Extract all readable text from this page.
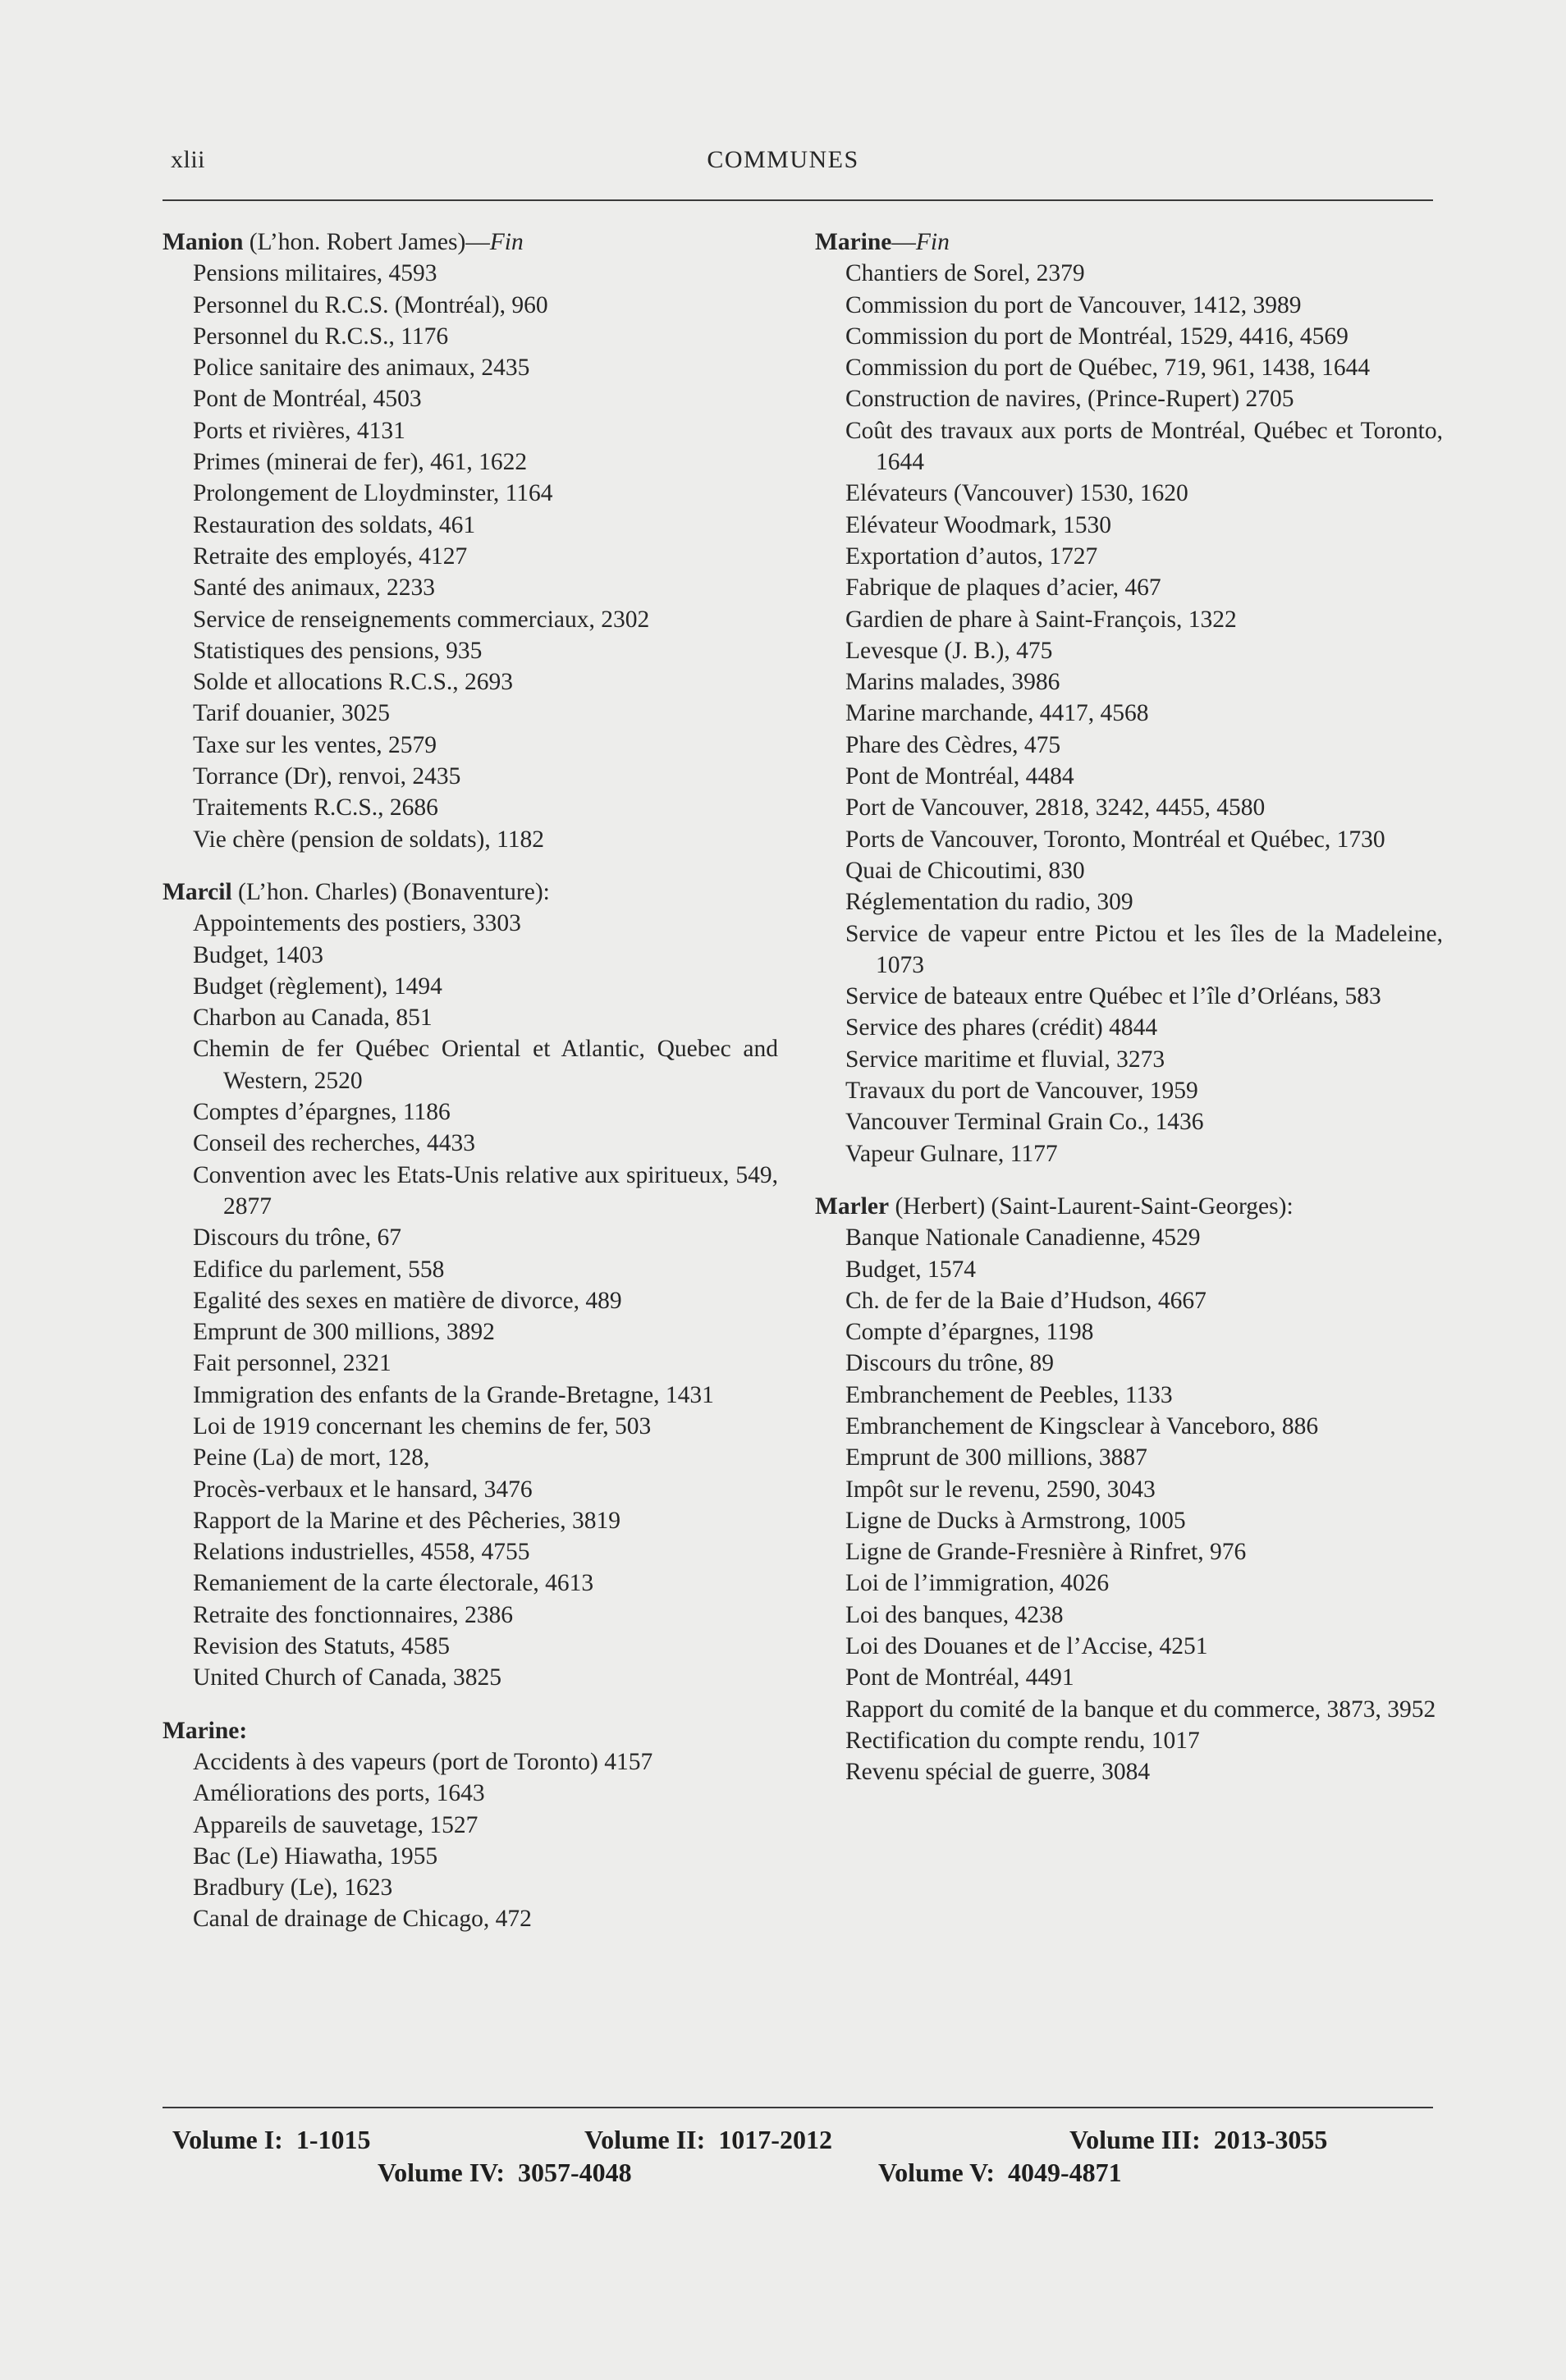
xlii	COMMUNES
Manion (L’hon. Robert James)—Fin
Pensions militaires, 4593
Personnel du R.C.S. (Montréal), 960
Personnel du R.C.S., 1176
Police sanitaire des animaux, 2435
Pont de Montréal, 4503
Ports et rivières, 4131
Primes (minerai de fer), 461, 1622
Prolongement de Lloydminster, 1164
Restauration des soldats, 461
Retraite des employés, 4127
Santé des animaux, 2233
Service de renseignements commerciaux, 2302
Statistiques des pensions, 935
Solde et allocations R.C.S., 2693
Tarif douanier, 3025
Taxe sur les ventes, 2579
Torrance (Dr), renvoi, 2435
Traitements R.C.S., 2686
Vie chère (pension de soldats), 1182
Marcil (L’hon. Charles) (Bonaventure):
Appointements des postiers, 3303
Budget, 1403
Budget (règlement), 1494
Charbon au Canada, 851
Chemin de fer Québec Oriental et Atlantic, Quebec and Western, 2520
Comptes d’épargnes, 1186
Conseil des recherches, 4433
Convention avec les Etats-Unis relative aux spiritueux, 549, 2877
Discours du trône, 67
Edifice du parlement, 558
Egalité des sexes en matière de divorce, 489
Emprunt de 300 millions, 3892
Fait personnel, 2321
Immigration des enfants de la Grande-Bretagne, 1431
Loi de 1919 concernant les chemins de fer, 503
Peine (La) de mort, 128,
Procès-verbaux et le hansard, 3476
Rapport de la Marine et des Pêcheries, 3819
Relations industrielles, 4558, 4755
Remaniement de la carte électorale, 4613
Retraite des fonctionnaires, 2386
Revision des Statuts, 4585
United Church of Canada, 3825
Marine:
Accidents à des vapeurs (port de Toronto) 4157
Améliorations des ports, 1643
Appareils de sauvetage, 1527
Bac (Le) Hiawatha, 1955
Bradbury (Le), 1623
Canal de drainage de Chicago, 472
Marine—Fin
Chantiers de Sorel, 2379
Commission du port de Vancouver, 1412, 3989
Commission du port de Montréal, 1529, 4416, 4569
Commission du port de Québec, 719, 961, 1438, 1644
Construction de navires, (Prince-Rupert) 2705
Coût des travaux aux ports de Montréal, Québec et Toronto, 1644
Elévateurs (Vancouver) 1530, 1620
Elévateur Woodmark, 1530
Exportation d’autos, 1727
Fabrique de plaques d’acier, 467
Gardien de phare à Saint-François, 1322
Levesque (J. B.), 475
Marins malades, 3986
Marine marchande, 4417, 4568
Phare des Cèdres, 475
Pont de Montréal, 4484
Port de Vancouver, 2818, 3242, 4455, 4580
Ports de Vancouver, Toronto, Montréal et Québec, 1730
Quai de Chicoutimi, 830
Réglementation du radio, 309
Service de vapeur entre Pictou et les îles de la Madeleine, 1073
Service de bateaux entre Québec et l’île d’Orléans, 583
Service des phares (crédit) 4844
Service maritime et fluvial, 3273
Travaux du port de Vancouver, 1959
Vancouver Terminal Grain Co., 1436
Vapeur Gulnare, 1177
Marler (Herbert) (Saint-Laurent-Saint-Georges):
Banque Nationale Canadienne, 4529
Budget, 1574
Ch. de fer de la Baie d’Hudson, 4667
Compte d’épargnes, 1198
Discours du trône, 89
Embranchement de Peebles, 1133
Embranchement de Kingsclear à Vanceboro, 886
Emprunt de 300 millions, 3887
Impôt sur le revenu, 2590, 3043
Ligne de Ducks à Armstrong, 1005
Ligne de Grande-Fresnière à Rinfret, 976
Loi de l’immigration, 4026
Loi des banques, 4238
Loi des Douanes et de l’Accise, 4251
Pont de Montréal, 4491
Rapport du comité de la banque et du commerce, 3873, 3952
Rectification du compte rendu, 1017
Revenu spécial de guerre, 3084
Volume I: 1-1015	Volume II: 1017-2012	Volume III: 2013-3055
Volume IV: 3057-4048	Volume V: 4049-4871
